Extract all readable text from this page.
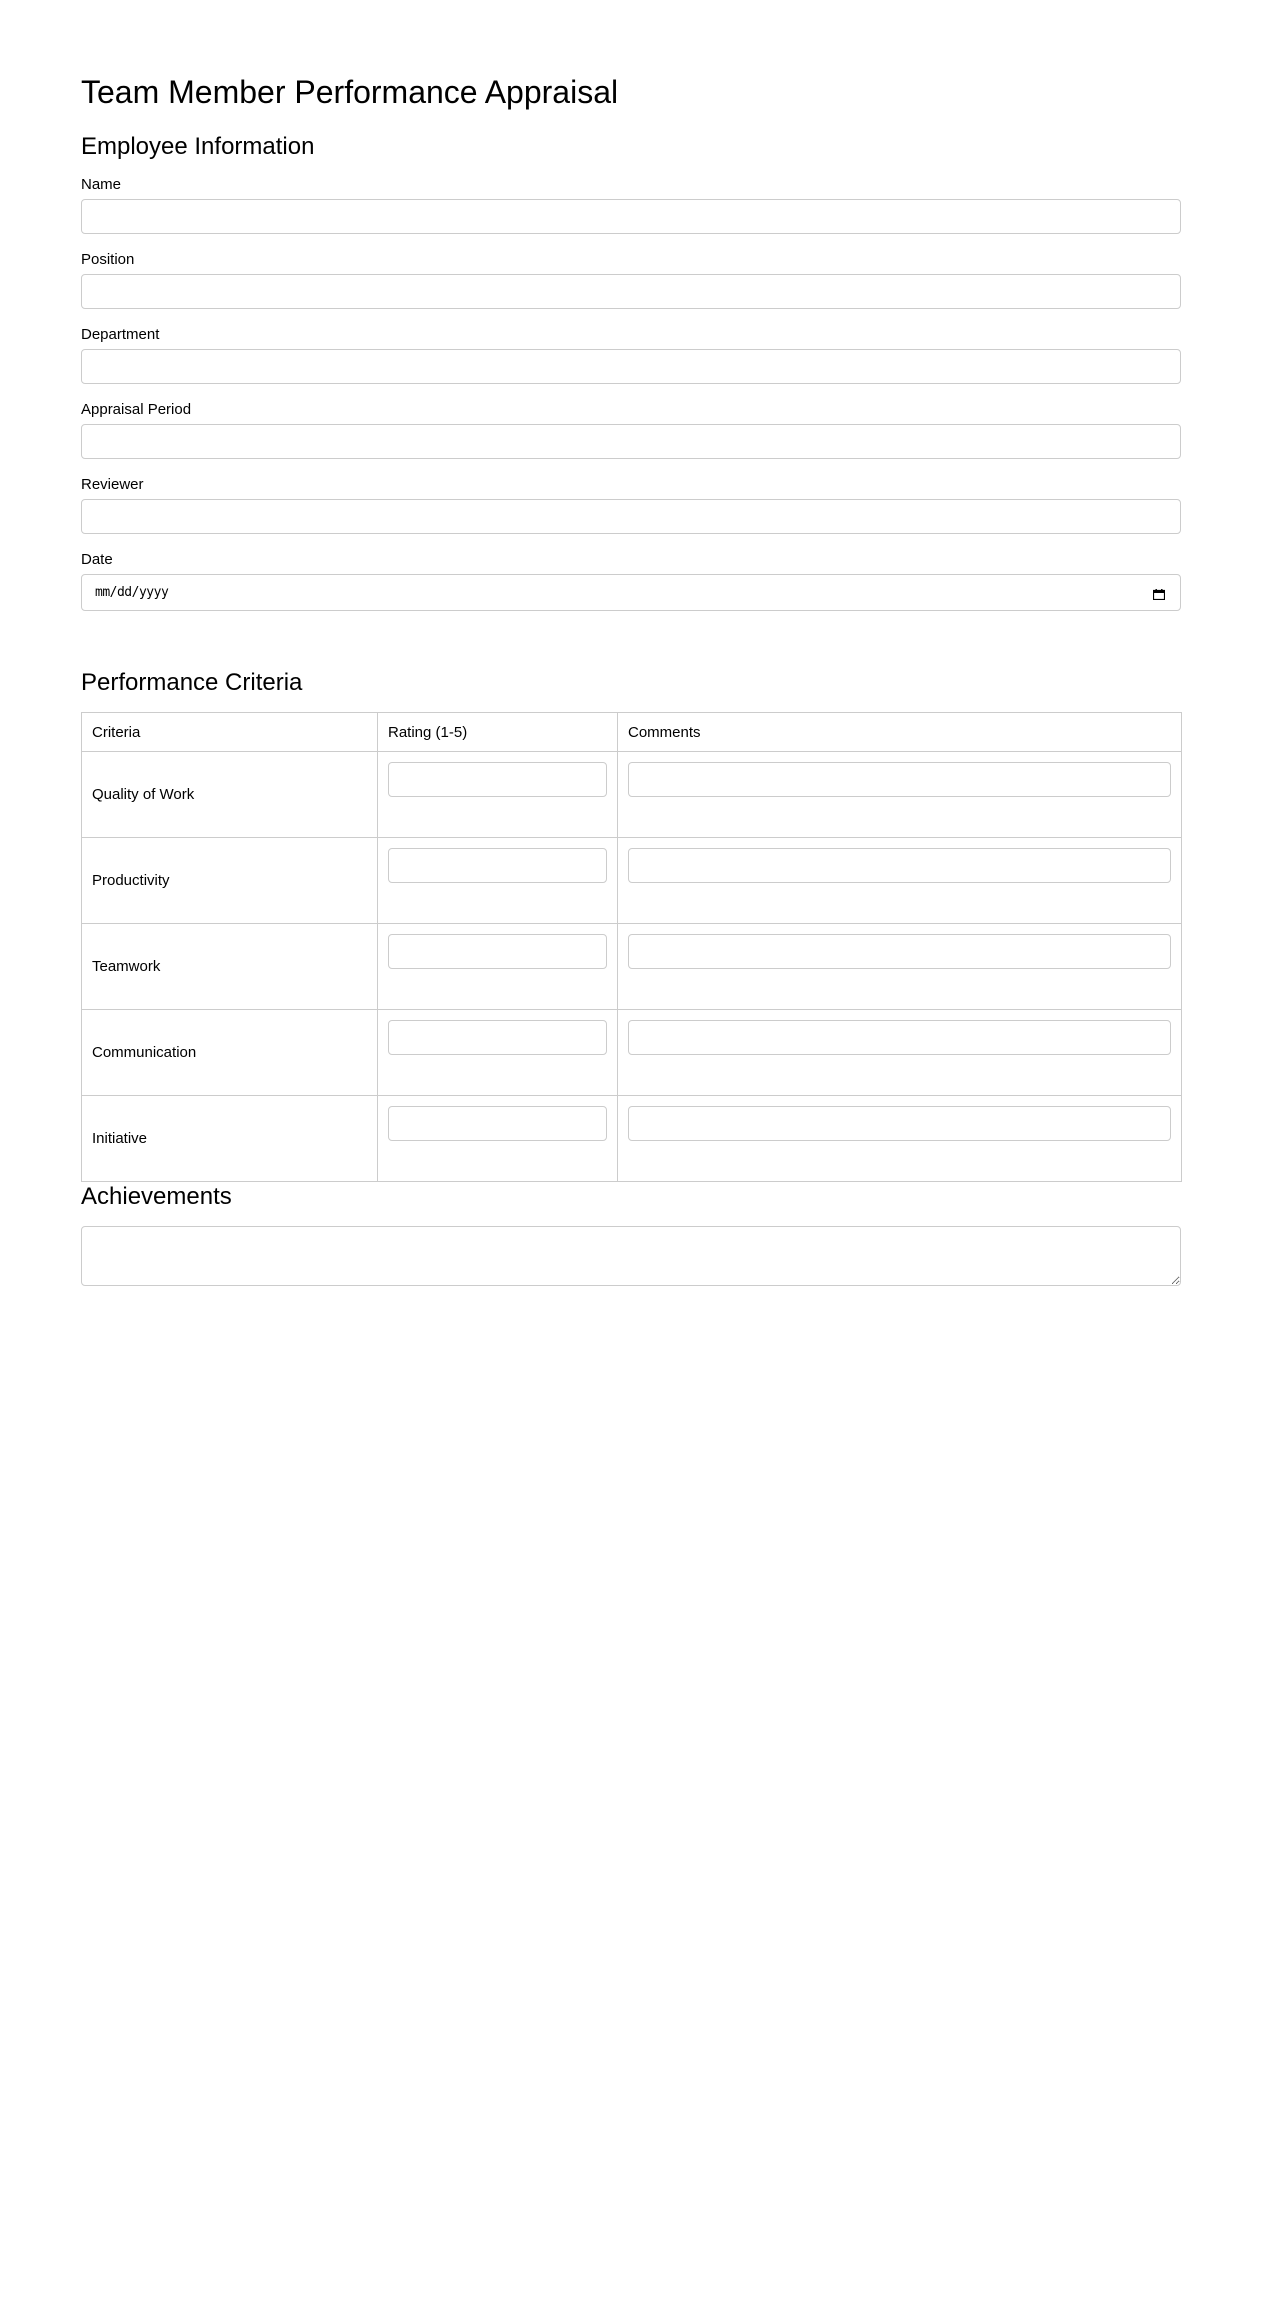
Team Member Performance Appraisal
Employee Information
Name
Position
Department
Appraisal Period
Reviewer
Date
mm/dd/yyyy
Performance Criteria
Criteria	Rating (1-5)	Comments
Quality of Work	

Productivity	

Teamwork	

Communication	

Initiative	

Achievements
